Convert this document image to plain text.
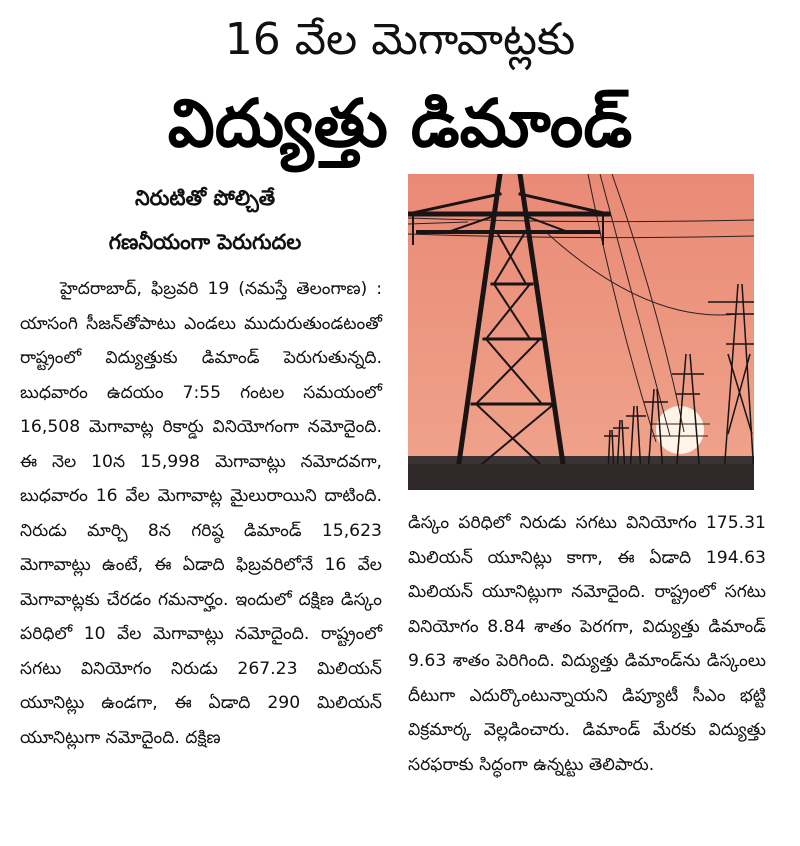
16 వేల మెగావాట్లకు
విద్యుత్తు డిమాండ్
నిరుటితో పోల్చితే
గణనీయంగా పెరుగుదల
హైదరాబాద్, ఫిబ్రవరి 19 (నమస్తే తెలంగాణ) : యాసంగి సీజన్‌తోపాటు ఎండలు ముదురుతుండటంతో రాష్ట్రంలో విద్యుత్తుకు డిమాండ్ పెరుగుతున్నది. బుధవారం ఉదయం 7:55 గంటల సమయంలో 16,508 మెగావాట్ల రికార్డు వినియోగంగా నమోదైంది. ఈ నెల 10న 15,998 మెగావాట్లు నమోదవగా, బుధవారం 16 వేల మెగావాట్ల మైలురాయిని దాటింది. నిరుడు మార్చి 8న గరిష్ఠ డిమాండ్ 15,623 మెగావాట్లు ఉంటే, ఈ ఏడాది ఫిబ్రవరిలోనే 16 వేల మెగావాట్లకు చేరడం గమనార్హం. ఇందులో దక్షిణ డిస్కం పరిధిలో 10 వేల మెగావాట్లు నమోదైంది. రాష్ట్రంలో సగటు వినియోగం నిరుడు 267.23 మిలియన్ యూనిట్లు ఉండగా, ఈ ఏడాది 290 మిలియన్ యూనిట్లుగా నమోదైంది. దక్షిణ
డిస్కం పరిధిలో నిరుడు సగటు వినియోగం 175.31 మిలియన్ యూనిట్లు కాగా, ఈ ఏడాది 194.63 మిలియన్ యూనిట్లుగా నమోదైంది. రాష్ట్రంలో సగటు వినియోగం 8.84 శాతం పెరగగా, విద్యుత్తు డిమాండ్ 9.63 శాతం పెరిగింది. విద్యుత్తు డిమాండ్‌ను డిస్కంలు దీటుగా ఎదుర్కొంటున్నాయని డిప్యూటీ సీఎం భట్టి విక్రమార్క వెల్లడించారు. డిమాండ్ మేరకు విద్యుత్తు సరఫరాకు సిద్ధంగా ఉన్నట్టు తెలిపారు.
